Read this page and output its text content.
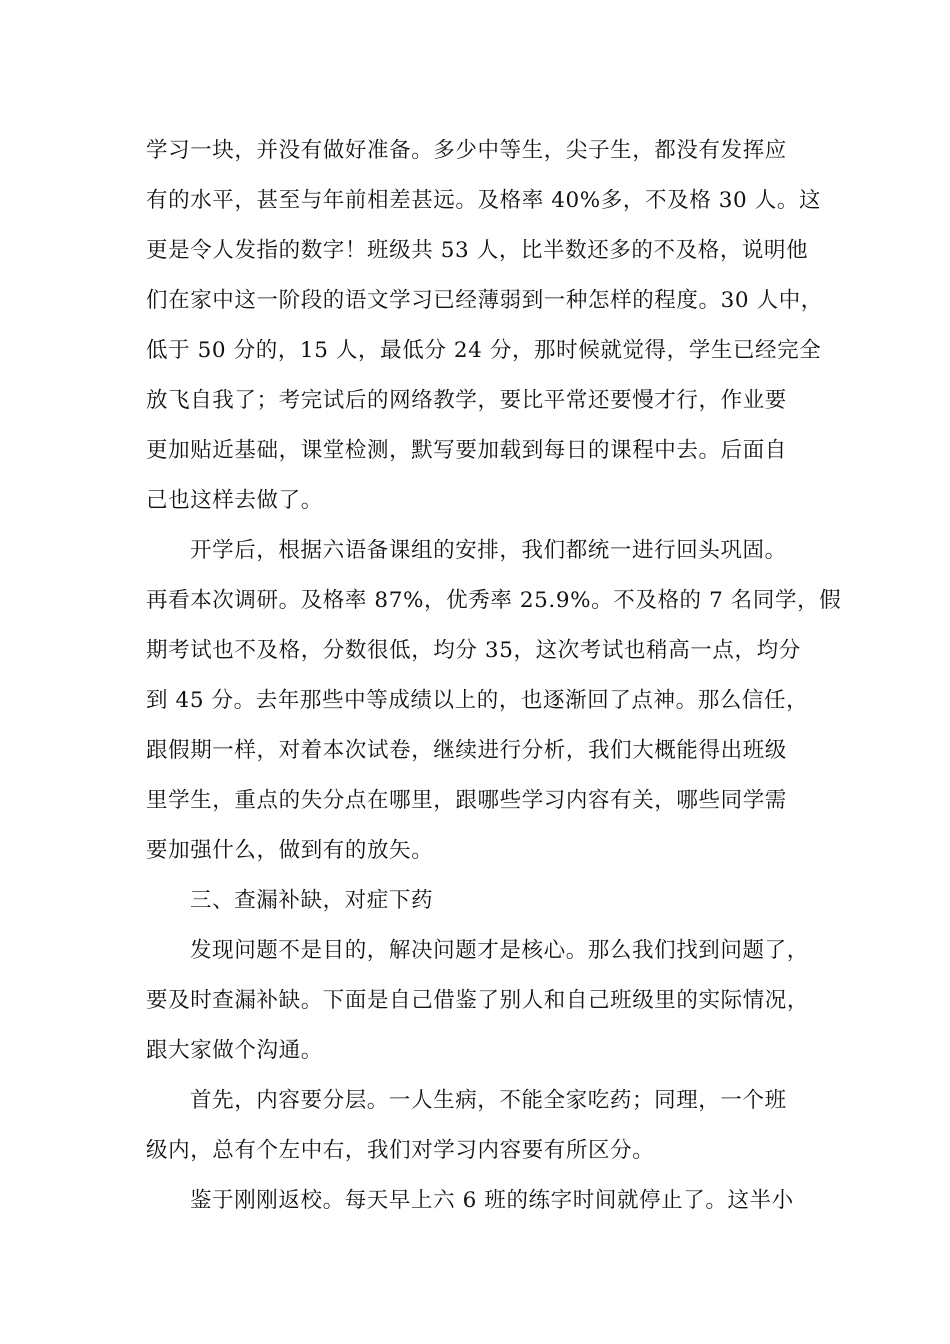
学习一块，并没有做好准备。多少中等生，尖子生，都没有发挥应
有的水平，甚至与年前相差甚远。及格率 40%多，不及格 30 人。这
更是令人发指的数字！班级共 53 人，比半数还多的不及格，说明他
们在家中这一阶段的语文学习已经薄弱到一种怎样的程度。30 人中，
低于 50 分的，15 人，最低分 24 分，那时候就觉得，学生已经完全
放飞自我了；考完试后的网络教学，要比平常还要慢才行，作业要
更加贴近基础，课堂检测，默写要加载到每日的课程中去。后面自
己也这样去做了。
开学后，根据六语备课组的安排，我们都统一进行回头巩固。
再看本次调研。及格率 87%，优秀率 25.9%。不及格的 7 名同学，假
期考试也不及格，分数很低，均分 35，这次考试也稍高一点，均分
到 45 分。去年那些中等成绩以上的，也逐渐回了点神。那么信任，
跟假期一样，对着本次试卷，继续进行分析，我们大概能得出班级
里学生，重点的失分点在哪里，跟哪些学习内容有关，哪些同学需
要加强什么，做到有的放矢。
三、查漏补缺，对症下药
发现问题不是目的，解决问题才是核心。那么我们找到问题了，
要及时查漏补缺。下面是自己借鉴了别人和自己班级里的实际情况，
跟大家做个沟通。
首先，内容要分层。一人生病，不能全家吃药；同理，一个班
级内，总有个左中右，我们对学习内容要有所区分。
鉴于刚刚返校。每天早上六 6 班的练字时间就停止了。这半小
